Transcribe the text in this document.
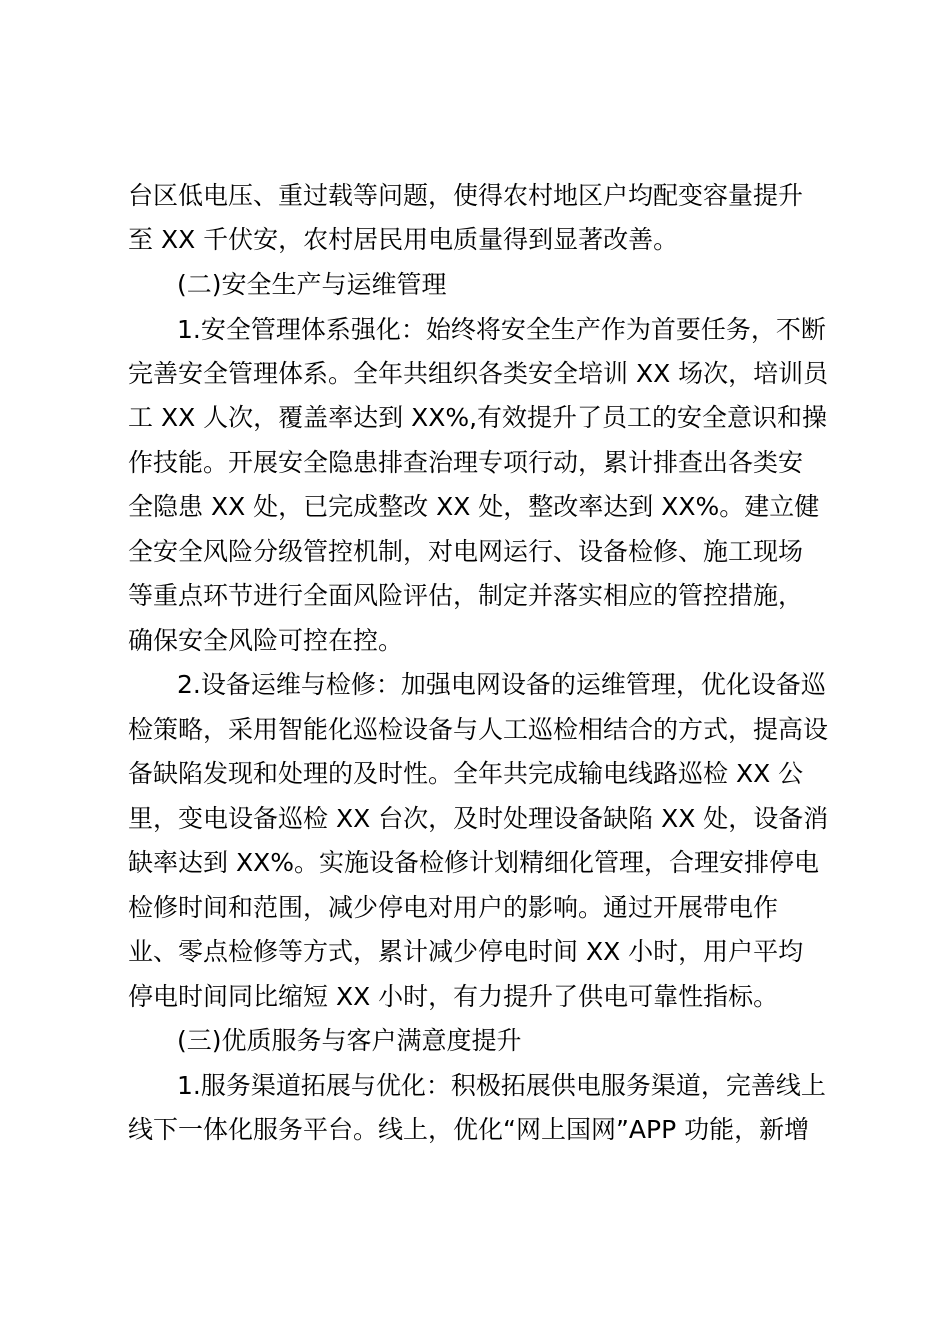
台区低电压、重过载等问题，使得农村地区户均配变容量提升
至 XX 千伏安，农村居民用电质量得到显著改善。
(二)安全生产与运维管理
1.安全管理体系强化：始终将安全生产作为首要任务，不断
完善安全管理体系。全年共组织各类安全培训 XX 场次，培训员
工 XX 人次，覆盖率达到 XX%,有效提升了员工的安全意识和操
作技能。开展安全隐患排查治理专项行动，累计排查出各类安
全隐患 XX 处，已完成整改 XX 处，整改率达到 XX%。建立健
全安全风险分级管控机制，对电网运行、设备检修、施工现场
等重点环节进行全面风险评估，制定并落实相应的管控措施，
确保安全风险可控在控。
2.设备运维与检修：加强电网设备的运维管理，优化设备巡
检策略，采用智能化巡检设备与人工巡检相结合的方式，提高设
备缺陷发现和处理的及时性。全年共完成输电线路巡检 XX 公
里，变电设备巡检 XX 台次，及时处理设备缺陷 XX 处，设备消
缺率达到 XX%。实施设备检修计划精细化管理，合理安排停电
检修时间和范围，减少停电对用户的影响。通过开展带电作
业、零点检修等方式，累计减少停电时间 XX 小时，用户平均
停电时间同比缩短 XX 小时，有力提升了供电可靠性指标。
(三)优质服务与客户满意度提升
1.服务渠道拓展与优化：积极拓展供电服务渠道，完善线上
线下一体化服务平台。线上，优化“网上国网”APP 功能，新增
